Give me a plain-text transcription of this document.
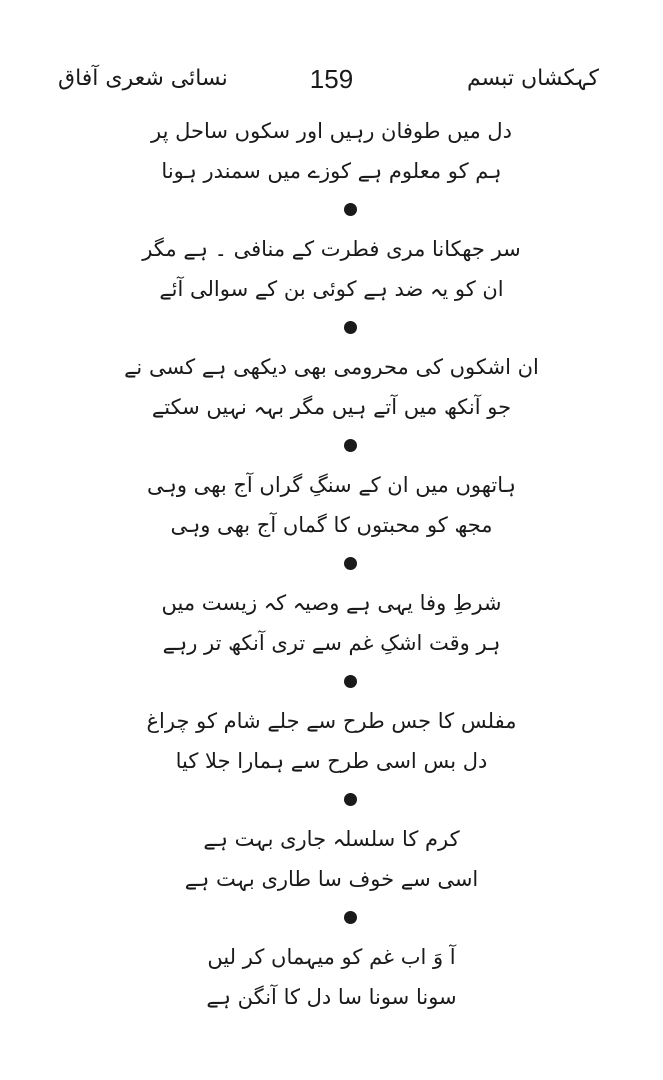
نسائی شعری آفاق	159	کہکشاں تبسم
دل میں طوفان رہیں اور سکوں ساحل پر
ہم کو معلوم ہے کوزے میں سمندر ہونا
سر جھکانا مری فطرت کے منافی ۔ ہے مگر
ان کو یہ ضد ہے کوئی بن کے سوالی آئے
ان اشکوں کی محرومی بھی دیکھی ہے کسی نے
جو آنکھ میں آتے ہیں مگر بہہ نہیں سکتے
ہاتھوں میں ان کے سنگِ گراں آج بھی وہی
مجھ کو محبتوں کا گماں آج بھی وہی
شرطِ وفا یہی ہے وصیہ کہ زیست میں
ہر وقت اشکِ غم سے تری آنکھ تر رہے
مفلس کا جس طرح سے جلے شام کو چراغ
دل بس اسی طرح سے ہمارا جلا کیا
کرم کا سلسلہ جاری بہت ہے
اسی سے خوف سا طاری بہت ہے
آ وَ اب غم کو میہماں کر لیں
سونا سونا سا دل کا آنگن ہے
